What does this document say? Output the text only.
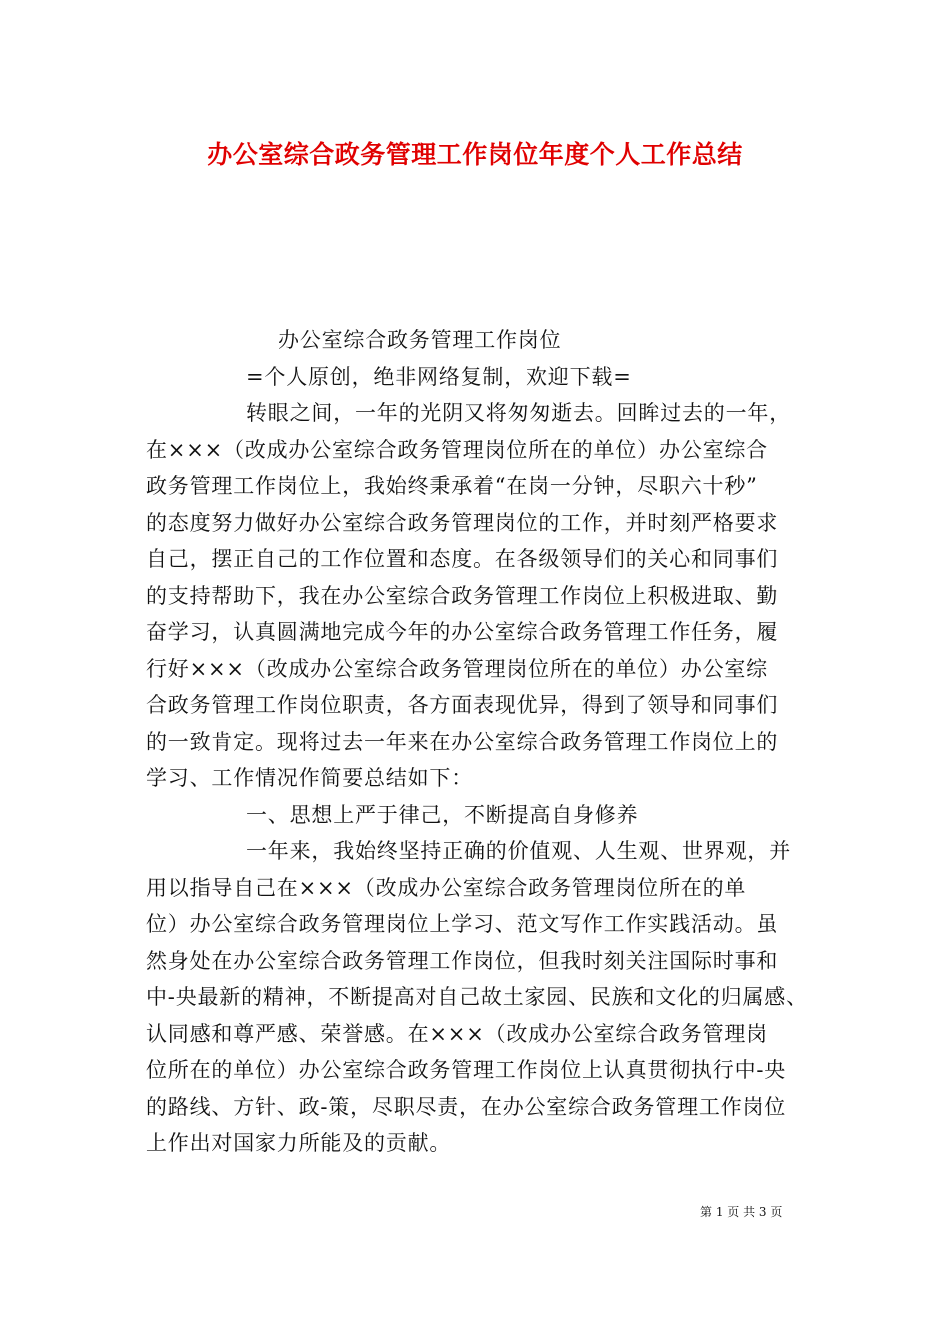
办公室综合政务管理工作岗位年度个人工作总结
办公室综合政务管理工作岗位
=个人原创，绝非网络复制，欢迎下载=
转眼之间，一年的光阴又将匆匆逝去。回眸过去的一年，
在×××（改成办公室综合政务管理岗位所在的单位）办公室综合
政务管理工作岗位上，我始终秉承着“在岗一分钟，尽职六十秒”
的态度努力做好办公室综合政务管理岗位的工作，并时刻严格要求
自己，摆正自己的工作位置和态度。在各级领导们的关心和同事们
的支持帮助下，我在办公室综合政务管理工作岗位上积极进取、勤
奋学习，认真圆满地完成今年的办公室综合政务管理工作任务，履
行好×××（改成办公室综合政务管理岗位所在的单位）办公室综
合政务管理工作岗位职责，各方面表现优异，得到了领导和同事们
的一致肯定。现将过去一年来在办公室综合政务管理工作岗位上的
学习、工作情况作简要总结如下：
一、思想上严于律己，不断提高自身修养
一年来，我始终坚持正确的价值观、人生观、世界观，并
用以指导自己在×××（改成办公室综合政务管理岗位所在的单
位）办公室综合政务管理岗位上学习、范文写作工作实践活动。虽
然身处在办公室综合政务管理工作岗位，但我时刻关注国际时事和
中-央最新的精神，不断提高对自己故土家园、民族和文化的归属感、
认同感和尊严感、荣誉感。在×××（改成办公室综合政务管理岗
位所在的单位）办公室综合政务管理工作岗位上认真贯彻执行中-央
的路线、方针、政-策，尽职尽责，在办公室综合政务管理工作岗位
上作出对国家力所能及的贡献。
第 1 页 共 3 页
